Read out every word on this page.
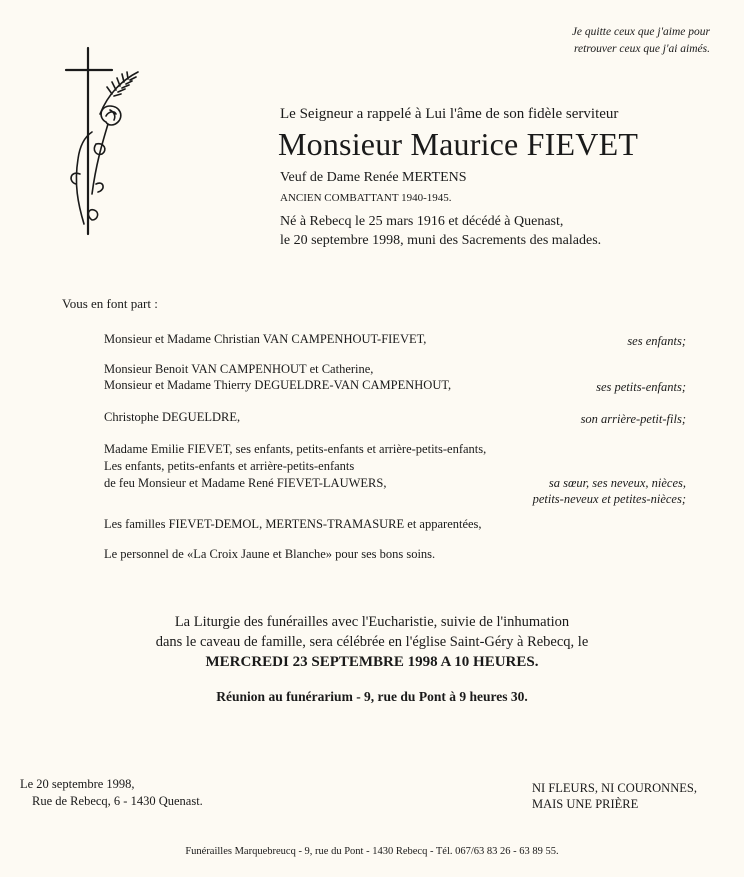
Je quitte ceux que j'aime pour
retrouver ceux que j'ai aimés.
Le Seigneur a rappelé à Lui l'âme de son fidèle serviteur
Monsieur Maurice FIEVET
Veuf de Dame Renée MERTENS
ANCIEN COMBATTANT 1940-1945.
Né à Rebecq le 25 mars 1916 et décédé à Quenast,
le 20 septembre 1998, muni des Sacrements des malades.
Vous en font part :
Monsieur et Madame Christian VAN CAMPENHOUT-FIEVET,	ses enfants;
Monsieur Benoit VAN CAMPENHOUT et Catherine,
Monsieur et Madame Thierry DEGUELDRE-VAN CAMPENHOUT,	ses petits-enfants;
Christophe DEGUELDRE,	son arrière-petit-fils;
Madame Emilie FIEVET, ses enfants, petits-enfants et arrière-petits-enfants,
Les enfants, petits-enfants et arrière-petits-enfants
de feu Monsieur et Madame René FIEVET-LAUWERS,	sa sœur, ses neveux, nièces,
petits-neveux et petites-nièces;
Les familles FIEVET-DEMOL, MERTENS-TRAMASURE et apparentées,
Le personnel de «La Croix Jaune et Blanche» pour ses bons soins.
La Liturgie des funérailles avec l'Eucharistie, suivie de l'inhumation
dans le caveau de famille, sera célébrée en l'église Saint-Géry à Rebecq, le
MERCREDI 23 SEPTEMBRE 1998 A 10 HEURES.
Réunion au funérarium - 9, rue du Pont à 9 heures 30.
Le 20 septembre 1998,
Rue de Rebecq, 6 - 1430 Quenast.
NI FLEURS, NI COURONNES,
MAIS UNE PRIÈRE
Funérailles Marquebreucq - 9, rue du Pont - 1430 Rebecq - Tél. 067/63 83 26 - 63 89 55.
